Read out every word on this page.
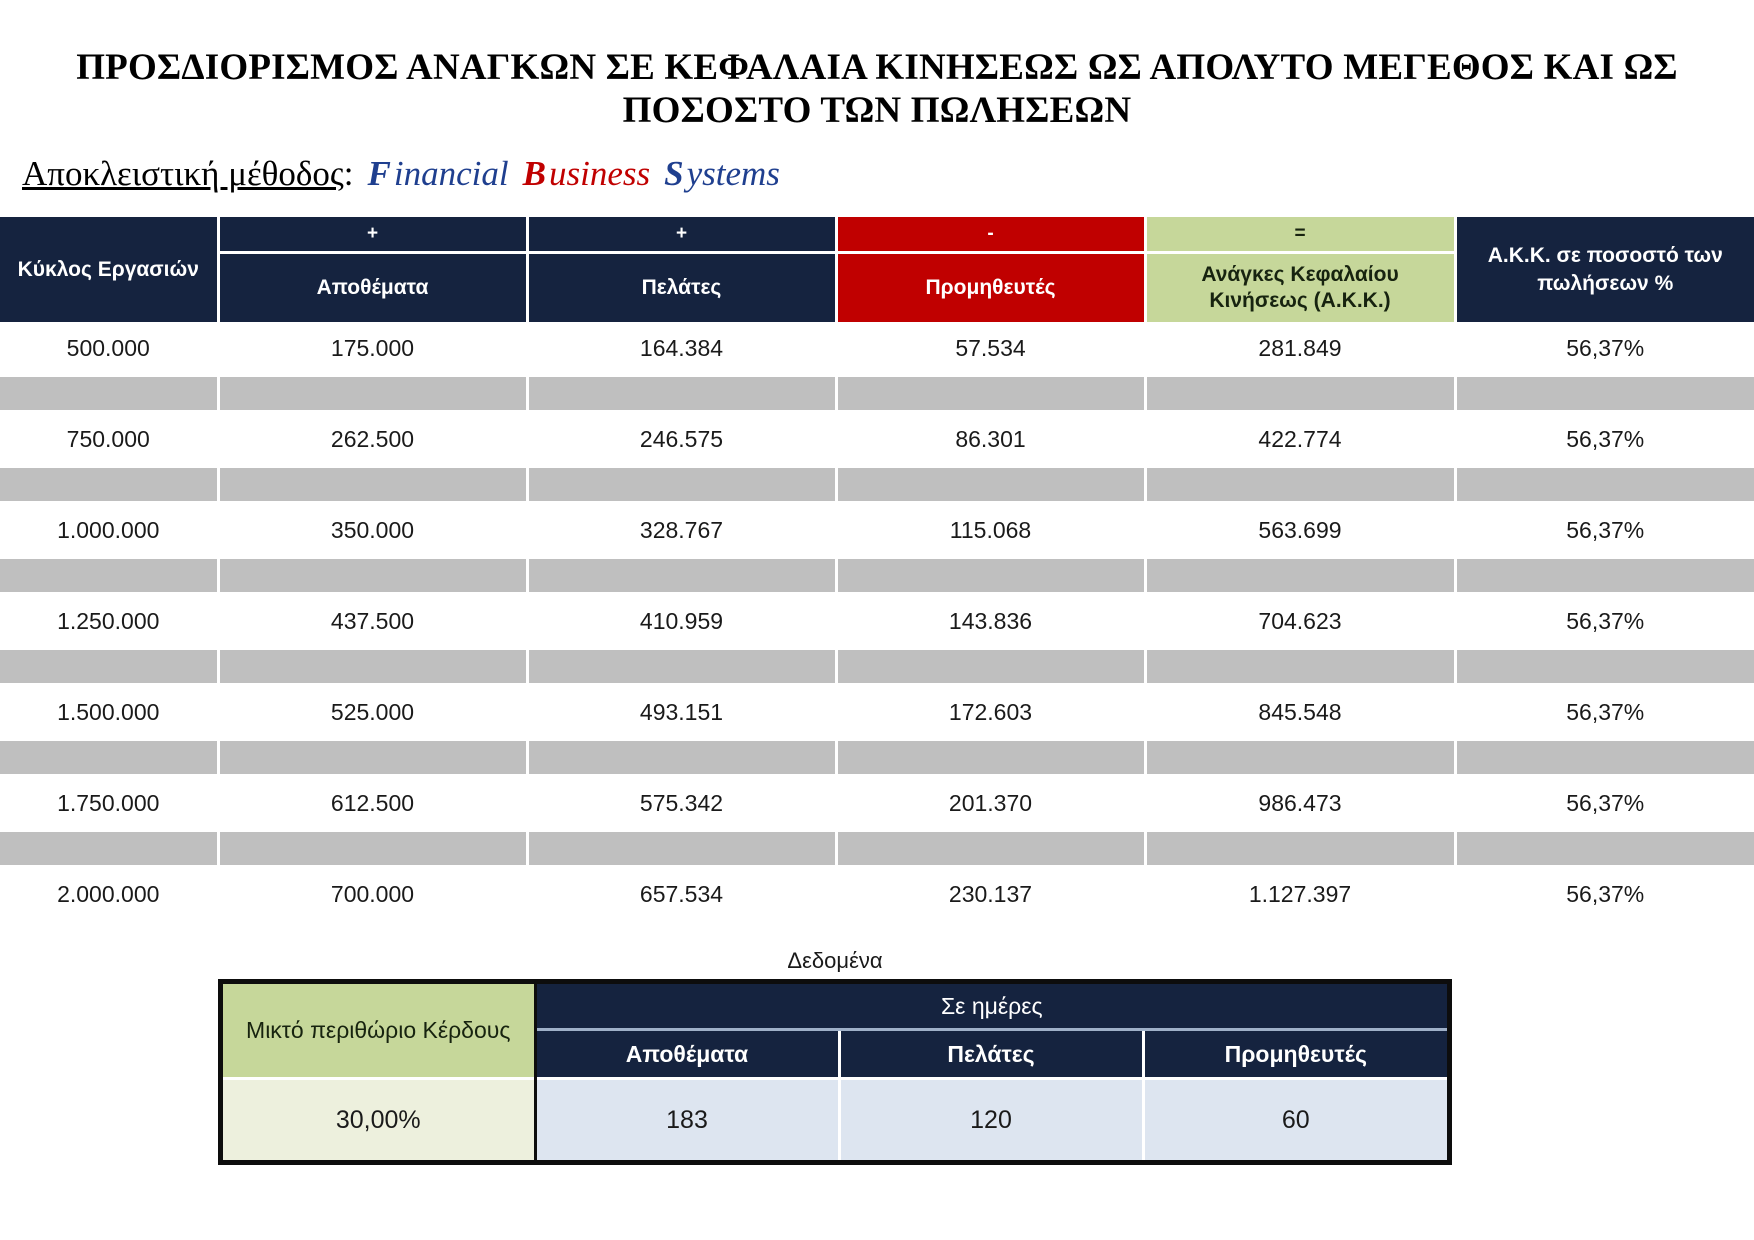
ΠΡΟΣΔΙΟΡΙΣΜΟΣ ΑΝΑΓΚΩΝ ΣΕ ΚΕΦΑΛΑΙΑ ΚΙΝΗΣΕΩΣ ΩΣ ΑΠΟΛΥΤΟ ΜΕΓΕΘΟΣ ΚΑΙ ΩΣ
ΠΟΣΟΣΤΟ ΤΩΝ ΠΩΛΗΣΕΩΝ
Αποκλειστική μέθοδος: Financial Business Systems
Κύκλος Εργασιών	+	+	-	=	Α.Κ.Κ. σε ποσοστό των πωλήσεων %
	Αποθέματα	Πελάτες	Προμηθευτές	Ανάγκες Κεφαλαίου Κινήσεως (Α.Κ.Κ.)	
500.000	175.000	164.384	57.534	281.849	56,37%

750.000	262.500	246.575	86.301	422.774	56,37%

1.000.000	350.000	328.767	115.068	563.699	56,37%

1.250.000	437.500	410.959	143.836	704.623	56,37%

1.500.000	525.000	493.151	172.603	845.548	56,37%

1.750.000	612.500	575.342	201.370	986.473	56,37%

2.000.000	700.000	657.534	230.137	1.127.397	56,37%
Δεδομένα
Μικτό περιθώριο Κέρδους	Σε ημέρες		
	Αποθέματα	Πελάτες	Προμηθευτές
30,00%	183	120	60
